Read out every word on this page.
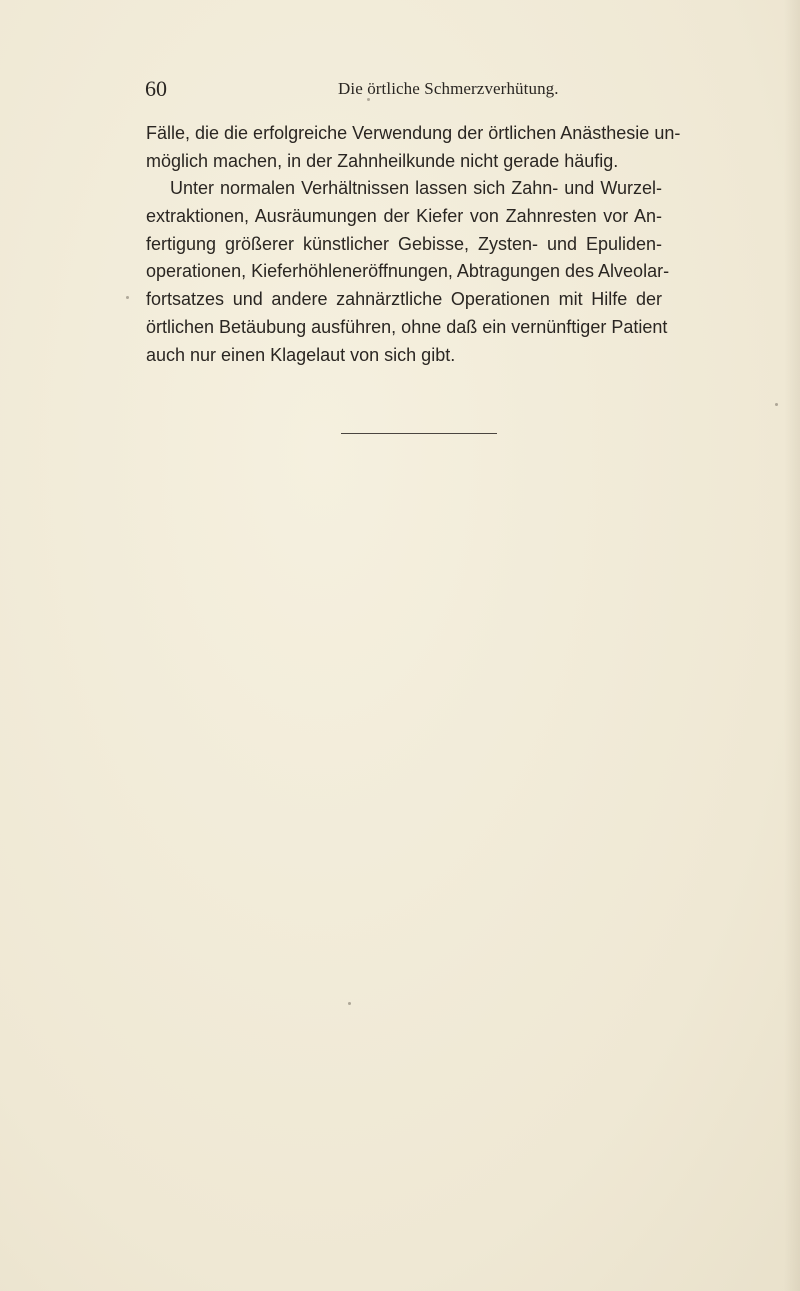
60	Die örtliche Schmerzverhütung.
Fälle, die die erfolgreiche Verwendung der örtlichen Anästhesie un-
möglich machen, in der Zahnheilkunde nicht gerade häufig.
Unter normalen Verhältnissen lassen sich Zahn- und Wurzel-
extraktionen, Ausräumungen der Kiefer von Zahnresten vor An-
fertigung größerer künstlicher Gebisse, Zysten- und Epuliden-
operationen, Kieferhöhleneröffnungen, Abtragungen des Alveolar-
fortsatzes und andere zahnärztliche Operationen mit Hilfe der
örtlichen Betäubung ausführen, ohne daß ein vernünftiger Patient
auch nur einen Klagelaut von sich gibt.
